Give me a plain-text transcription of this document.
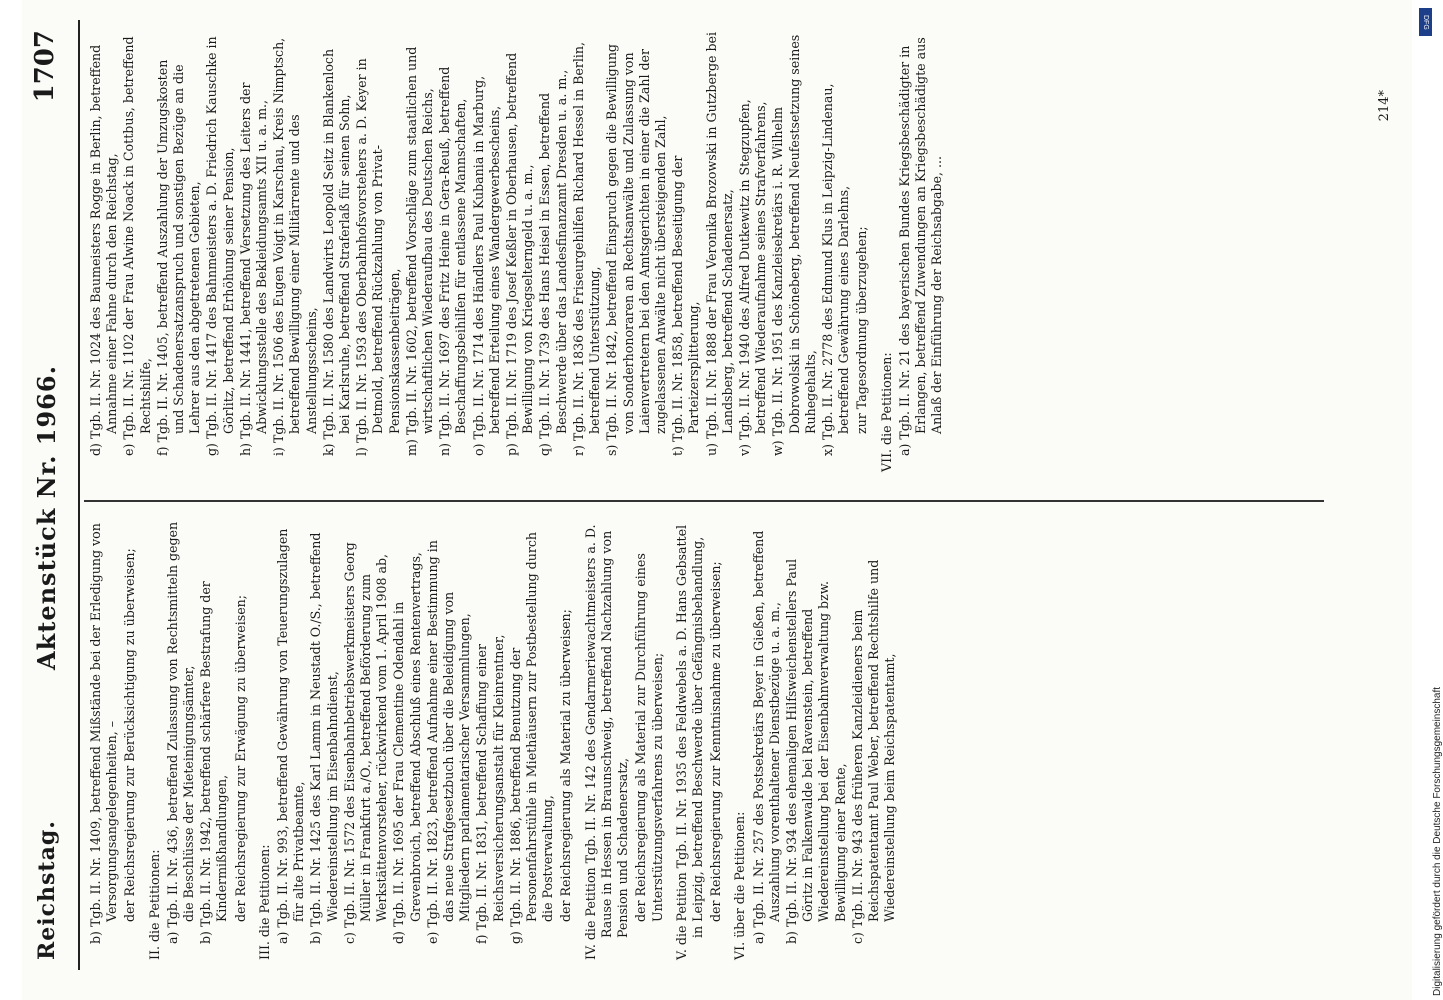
Reichstag.
Aktenstück Nr. 1966.
1707
b) Tgb. II. Nr. 1409, betreffend Mißstände bei der Erledigung von Versorgungsangelegenheiten, – der Reichsregierung zur Berücksichtigung zu überweisen; II. die Petitionen: a) Tgb. II. Nr. 436, betreffend Zulassung von Rechtsmitteln gegen die Beschlüsse der Mieteinigungsämter, b) Tgb. II. Nr. 1942, betreffend schärfere Bestrafung der Kindermißhandlungen, der Reichsregierung zur Erwägung zu überweisen; III. die Petitionen: a) Tgb. II. Nr. 993, betreffend Gewährung von Teuerungszulagen für alte Privatbeamte, b) Tgb. II. Nr. 1425 des Karl Lamm in Neustadt O./S., betreffend Wiedereinstellung im Eisenbahndienst, c) Tgb. II. Nr. 1572 des Eisenbahnbetriebswerkmeisters Georg Müller in Frankfurt a./O., betreffend Beförderung zum Werkstättenvorsteher, rückwirkend vom 1. April 1908 ab, d) Tgb. II. Nr. 1695 der Frau Clementine Odendahl in Grevenbroich, betreffend Abschluß eines Rentenvertrags, e) Tgb. II. Nr. 1823, betreffend Aufnahme einer Bestimmung in das neue Strafgesetzbuch über die Beleidigung von Mitgliedern parlamentarischer Versammlungen, f) Tgb. II. Nr. 1831, betreffend Schaffung einer Reichsversicherungsanstalt für Kleinrentner, g) Tgb. II. Nr. 1886, betreffend Benutzung der Personenfahrstühle in Miethäusern zur Postbestellung durch die Postverwaltung, der Reichsregierung als Material zu überweisen; IV. die Petition Tgb. II. Nr. 142 des Gendarmeriewachtmeisters a. D. Rause in Hessen in Braunschweig, betreffend Nachzahlung von Pension und Schadenersatz, der Reichsregierung als Material zur Durchführung eines Unterstützungsverfahrens zu überweisen; V. die Petition Tgb. II. Nr. 1935 des Feldwebels a. D. Hans Gebsattel in Leipzig, betreffend Beschwerde über Gefängnisbehandlung, der Reichsregierung zur Kenntnisnahme zu überweisen; VI. über die Petitionen: a) Tgb. II. Nr. 257 des Postsekretärs Beyer in Gießen, betreffend Auszahlung vorenthaltener Dienstbezüge u. a. m., b) Tgb. II. Nr. 934 des ehemaligen Hilfsweichenstellers Paul Göritz in Falkenwalde bei Ravenstein, betreffend Wiedereinstellung bei der Eisenbahnverwaltung bzw. Bewilligung einer Rente, c) Tgb. II. Nr. 943 des früheren Kanzleidieners beim Reichspatentamt Paul Weber, betreffend Rechtshilfe und Wiedereinstellung beim Reichspatentamt,
d) Tgb. II. Nr. 1024 des Baumeisters Rogge in Berlin, betreffend Annahme einer Fahne durch den Reichstag, e) Tgb. II. Nr. 1102 der Frau Alwine Noack in Cottbus, betreffend Rechtshilfe, f) Tgb. II. Nr. 1405, betreffend Auszahlung der Umzugskosten und Schadenersatzanspruch und sonstigen Bezüge an die Lehrer aus den abgetretenen Gebieten, g) Tgb. II. Nr. 1417 des Bahnmeisters a. D. Friedrich Kauschke in Görlitz, betreffend Erhöhung seiner Pension, h) Tgb. II. Nr. 1441, betreffend Versetzung des Leiters der Abwicklungsstelle des Bekleidungsamts XII u. a. m., i) Tgb. II. Nr. 1506 des Eugen Voigt in Karschau, Kreis Nimptsch, betreffend Bewilligung einer Militärrente und des Anstellungsscheins, k) Tgb. II. Nr. 1580 des Landwirts Leopold Seitz in Blankenloch bei Karlsruhe, betreffend Straferlaß für seinen Sohn, l) Tgb. II. Nr. 1593 des Oberbahnhofsvorstehers a. D. Keyer in Detmold, betreffend Rückzahlung von Privat-Pensionskassenbeiträgen, m) Tgb. II. Nr. 1602, betreffend Vorschläge zum staatlichen und wirtschaftlichen Wiederaufbau des Deutschen Reichs, n) Tgb. II. Nr. 1697 des Fritz Heine in Gera-Reuß, betreffend Beschaffungsbeihilfen für entlassene Mannschaften, o) Tgb. II. Nr. 1714 des Händlers Paul Kubania in Marburg, betreffend Erteilung eines Wandergewerbescheins, p) Tgb. II. Nr. 1719 des Josef Keßler in Oberhausen, betreffend Bewilligung von Kriegselterngeld u. a. m., q) Tgb. II. Nr. 1739 des Hans Heisel in Essen, betreffend Beschwerde über das Landesfinanzamt Dresden u. a. m., r) Tgb. II. Nr. 1836 des Friseurgehilfen Richard Hessel in Berlin, betreffend Unterstützung, s) Tgb. II. Nr. 1842, betreffend Einspruch gegen die Bewilligung von Sonderhonoraren an Rechtsanwälte und Zulassung von Laienvertretern bei den Amtsgerichten in einer die Zahl der zugelassenen Anwälte nicht übersteigenden Zahl, t) Tgb. II. Nr. 1858, betreffend Beseitigung der Parteizersplitterung, u) Tgb. II. Nr. 1888 der Frau Veronika Brozowski in Gutzberge bei Landsberg, betreffend Schadenersatz, v) Tgb. II. Nr. 1940 des Alfred Dutkewitz in Stegzupfen, betreffend Wiederaufnahme seines Strafverfahrens, w) Tgb. II. Nr. 1951 des Kanzleisekretärs i. R. Wilhelm Dobrowolski in Schöneberg, betreffend Neufestsetzung seines Ruhegehalts, x) Tgb. II. Nr. 2778 des Edmund Klus in Leipzig-Lindenau, betreffend Gewährung eines Darlehns, zur Tagesordnung überzugehen; VII. die Petitionen: a) Tgb. II. Nr. 21 des bayerischen Bundes Kriegsbeschädigter in Erlangen, betreffend Zuwendungen an Kriegsbeschädigte aus Anlaß der Einführung der Reichsabgabe, ...
214*
DFG
Digitalisierung gefördert durch die Deutsche Forschungsgemeinschaft
